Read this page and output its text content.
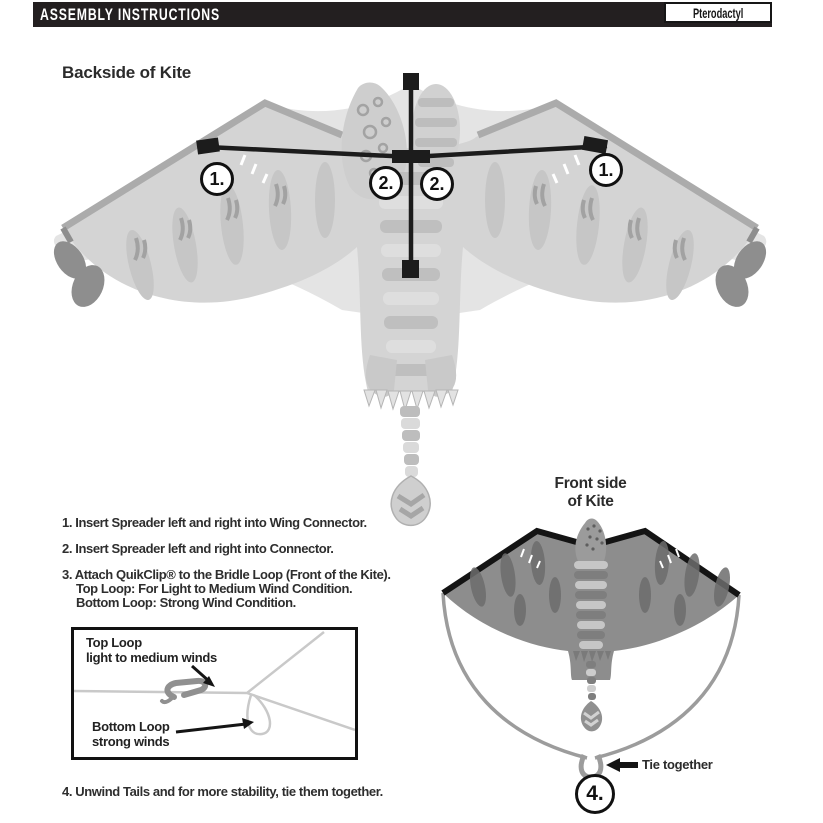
ASSEMBLY INSTRUCTIONS	Pterodactyl
Backside of Kite
1.	2.	2.
1.
1. Insert Spreader left and right into Wing Connector.
2. Insert Spreader left and right into Connector.
3. Attach QuikClip® to the Bridle Loop (Front of the Kite).
Top Loop: For Light to Medium Wind Condition.
Bottom Loop: Strong Wind Condition.
4. Unwind Tails and for more stability, tie them together.
Top Loop
light to medium winds
Bottom Loop
strong winds
Front side
of Kite
Tie together
4.
